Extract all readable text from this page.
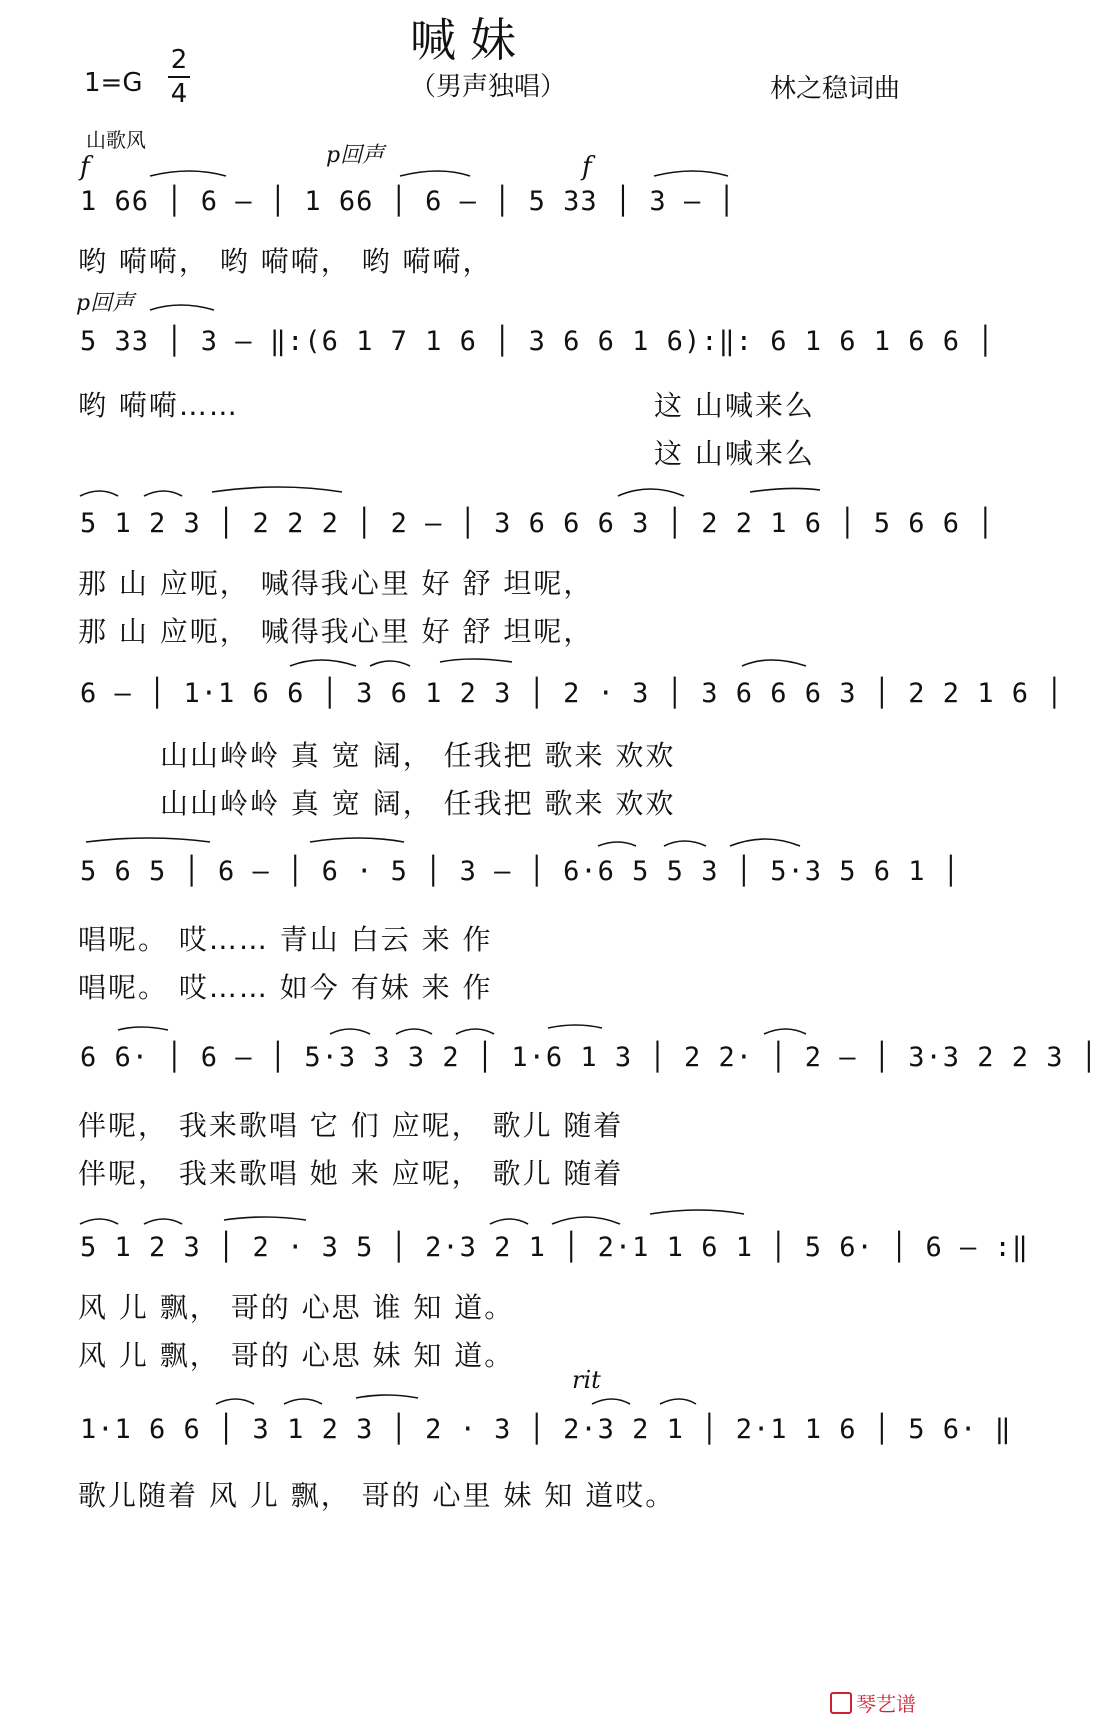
喊妹
1=G
2
4	（男声独唱）	林之稳词曲
山歌风
f	p回声	f
p回声
rit
1 66 │ 6 – │ 1 66 │ 6 – │ 5 33 │ 3 – │
哟 嗬嗬， 哟 嗬嗬， 哟 嗬嗬，
5 33 │ 3 – ‖:(6 1 7 1 6 │ 3 6 6 1 6):‖: 6 1 6 1 6 6 │
哟 嗬嗬……	这 山喊来么
这 山喊来么
5 1 2 3 │ 2 2 2 │ 2 – │ 3 6 6 6 3 │ 2 2 1 6 │ 5 6 6 │
那 山 应呃， 喊得我心里 好 舒 坦呢，
那 山 应呃， 喊得我心里 好 舒 坦呢，
6 – │ 1·1 6 6 │ 3 6 1 2 3 │ 2 · 3 │ 3 6 6 6 3 │ 2 2 1 6 │
山山岭岭 真 宽 阔， 任我把 歌来 欢欢
山山岭岭 真 宽 阔， 任我把 歌来 欢欢
5 6 5 │ 6 – │ 6 · 5 │ 3 – │ 6·6 5 5 3 │ 5·3 5 6 1 │
唱呢。 哎…… 青山 白云 来 作
唱呢。 哎…… 如今 有妹 来 作
6 6· │ 6 – │ 5·3 3 3 2 │ 1·6 1 3 │ 2 2· │ 2 – │ 3·3 2 2 3 │
伴呢， 我来歌唱 它 们 应呢， 歌儿 随着
伴呢， 我来歌唱 她 来 应呢， 歌儿 随着
5 1 2 3 │ 2 · 3 5 │ 2·3 2 1 │ 2·1 1 6 1 │ 5 6· │ 6 – :‖
风 儿 飘， 哥的 心思 谁 知 道。
风 儿 飘， 哥的 心思 妹 知 道。
1·1 6 6 │ 3 1 2 3 │ 2 · 3 │ 2·3 2 1 │ 2·1 1 6 │ 5 6· ‖
歌儿随着 风 儿 飘， 哥的 心里 妹 知 道哎。
琴艺谱
